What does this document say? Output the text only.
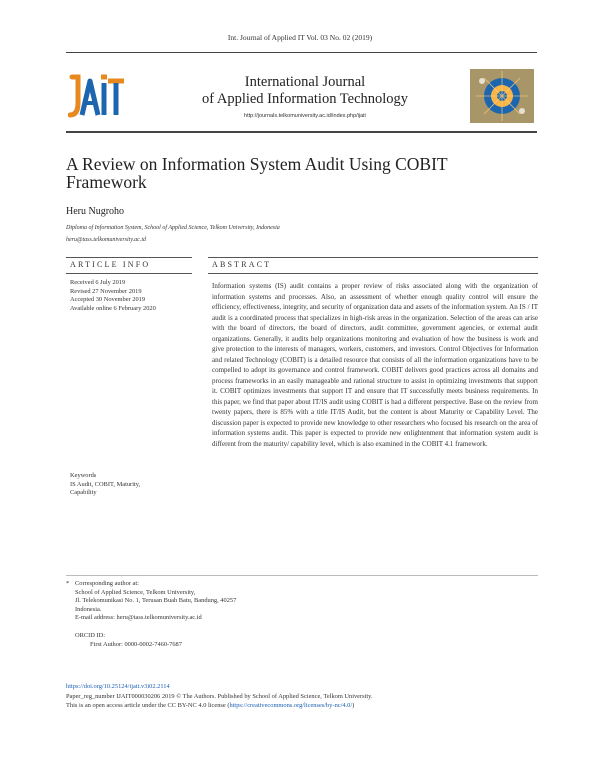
Int. Journal of Applied IT Vol. 03 No. 02 (2019)
International Journal
of Applied Information Technology
http://journals.telkomuniversity.ac.id/index.php/ijait
A Review on Information System Audit Using COBIT
Framework
Heru Nugroho
Diploma of Information System, School of Applied Science, Telkom University, Indonesia
heru@tass.telkomuniversity.ac.id
ARTICLE INFO
Received 6 July 2019
Revised 27 November 2019
Accepted 30 November 2019
Available online 6 February 2020
Keywords
IS Audit, COBIT, Maturity,
Capability
ABSTRACT
Information systems (IS) audit contains a proper review of risks associated along with the organization of information systems and processes. Also, an assessment of whether enough quality control will ensure the efficiency, effectiveness, integrity, and security of organization data and assets of the information system. An IS / IT audit is a coordinated process that specializes in high-risk areas in the organization. Selection of the areas can arise with the board of directors, the board of directors, audit committee, government agencies, or external audit organizations. Generally, it audits help organizations monitoring and evaluation of how the business is work and give protection to the interests of managers, workers, customers, and investors. Control Objectives for Information and related Technology (COBIT) is a detailed resource that consists of all the information organizations have to be compelled to adopt its governance and control framework. COBIT delivers good practices across all domains and process frameworks in an easily manageable and rational structure to assist in optimizing investments that support it. COBIT optimizes investments that support IT and ensure that IT successfully meets business requirements. In this paper, we find that paper about IT/IS audit using COBIT is had a different perspective. Base on the review from twenty papers, there is 85% with a title IT/IS Audit, but the content is about Maturity or Capability Level. The discussion paper is expected to provide new knowledge to other researchers who focused his research on the area of information systems audit. This paper is expected to provide new enlightenment that information system audit is different from the maturity/ capability level, which is also examined in the COBIT 4.1 framework.
* Corresponding author at:
School of Applied Science, Telkom University,
Jl. Telekomunikasi No. 1, Terusan Buah Batu, Bandung, 40257
Indonesia.
E-mail address: heru@tass.telkomuniversity.ac.id
ORCID ID:
First Author: 0000-0002-7460-7687
https://doi.org/10.25124/ijait.v3i02.2114
Paper_reg_number IJAIT000030206 2019 © The Authors. Published by School of Applied Science, Telkom University.
This is an open access article under the CC BY-NC 4.0 license (https://creativecommons.org/licenses/by-nc/4.0/)
